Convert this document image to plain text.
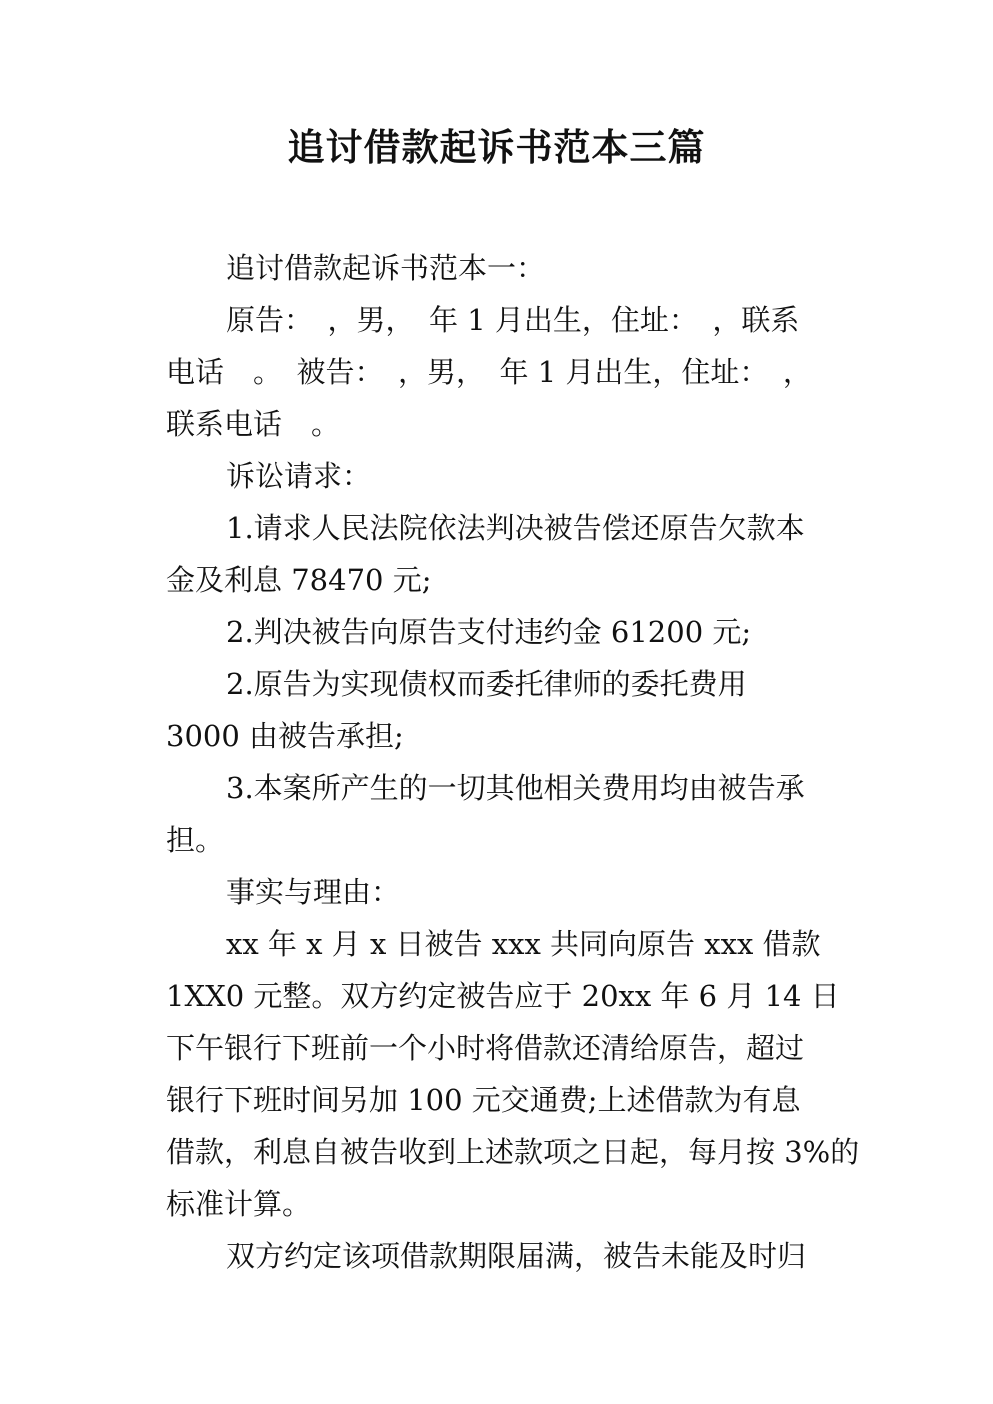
追讨借款起诉书范本三篇
追讨借款起诉书范本一：
原告：　，男，　年 1 月出生，住址：　，联系
电话　。　被告：　，男，　年 1 月出生，住址：　，
联系电话　。
诉讼请求：
1.请求人民法院依法判决被告偿还原告欠款本
金及利息 78470 元;
2.判决被告向原告支付违约金 61200 元;
2.原告为实现债权而委托律师的委托费用
3000 由被告承担;
3.本案所产生的一切其他相关费用均由被告承
担。
事实与理由：
xx 年 x 月 x 日被告 xxx 共同向原告 xxx 借款
1XX0 元整。双方约定被告应于 20xx 年 6 月 14 日
下午银行下班前一个小时将借款还清给原告，超过
银行下班时间另加 100 元交通费;上述借款为有息
借款，利息自被告收到上述款项之日起，每月按 3%的
标准计算。
双方约定该项借款期限届满，被告未能及时归
